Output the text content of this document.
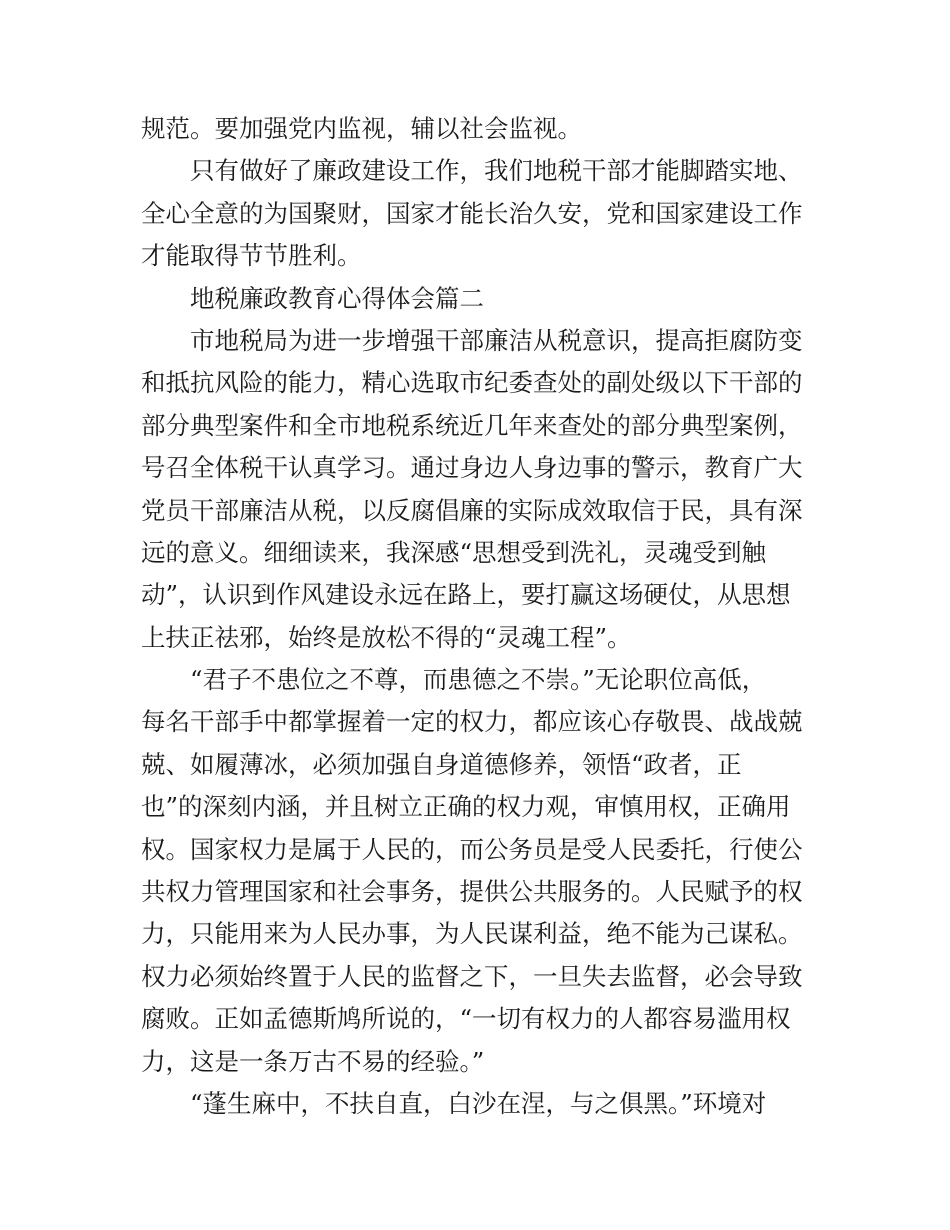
规范。要加强党内监视，辅以社会监视。
只有做好了廉政建设工作，我们地税干部才能脚踏实地、
全心全意的为国聚财，国家才能长治久安，党和国家建设工作
才能取得节节胜利。
地税廉政教育心得体会篇二
市地税局为进一步增强干部廉洁从税意识，提高拒腐防变
和抵抗风险的能力，精心选取市纪委查处的副处级以下干部的
部分典型案件和全市地税系统近几年来查处的部分典型案例，
号召全体税干认真学习。通过身边人身边事的警示，教育广大
党员干部廉洁从税，以反腐倡廉的实际成效取信于民，具有深
远的意义。细细读来，我深感“思想受到洗礼，灵魂受到触
动”，认识到作风建设永远在路上，要打赢这场硬仗，从思想
上扶正祛邪，始终是放松不得的“灵魂工程”。
“君子不患位之不尊，而患德之不崇。”无论职位高低，
每名干部手中都掌握着一定的权力，都应该心存敬畏、战战兢
兢、如履薄冰，必须加强自身道德修养，领悟“政者，正
也”的深刻内涵，并且树立正确的权力观，审慎用权，正确用
权。国家权力是属于人民的，而公务员是受人民委托，行使公
共权力管理国家和社会事务，提供公共服务的。人民赋予的权
力，只能用来为人民办事，为人民谋利益，绝不能为己谋私。
权力必须始终置于人民的监督之下，一旦失去监督，必会导致
腐败。正如孟德斯鸠所说的，“一切有权力的人都容易滥用权
力，这是一条万古不易的经验。”
“蓬生麻中，不扶自直，白沙在涅，与之俱黑。”环境对
